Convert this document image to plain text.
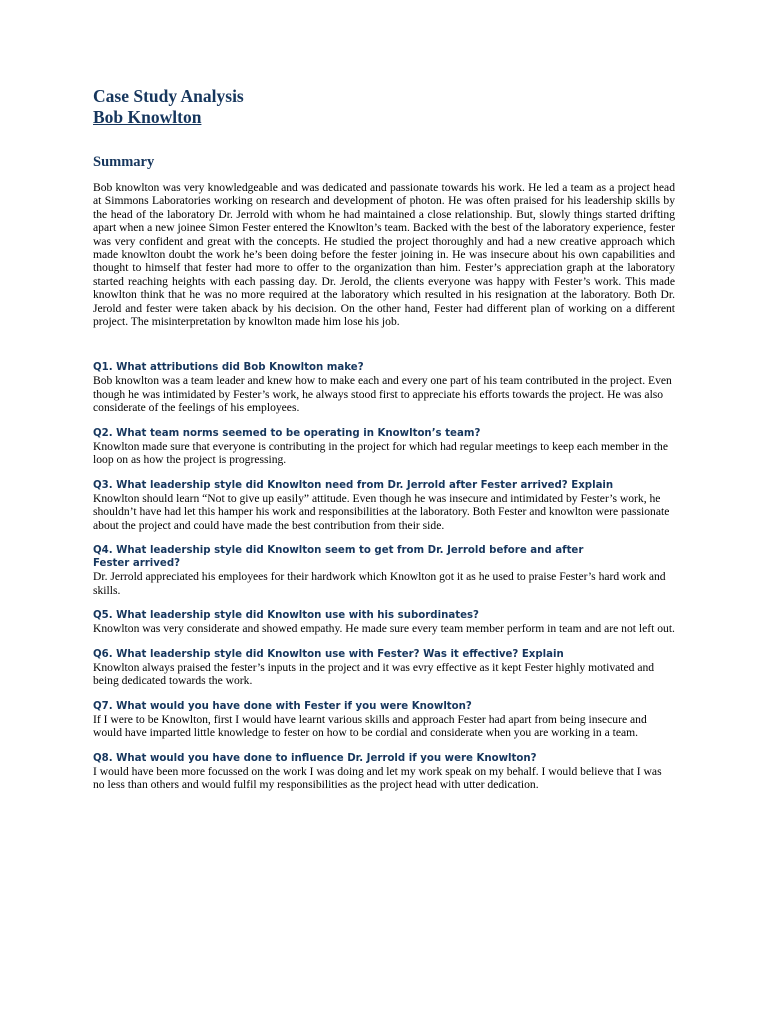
Case Study Analysis
Bob Knowlton
Summary

Bob knowlton was very knowledgeable and was dedicated and passionate towards his work. He led a team as a project head at Simmons Laboratories working on research and development of photon. He was often praised for his leadership skills by the head of the laboratory Dr. Jerrold with whom he had maintained a close relationship. But, slowly things started drifting apart when a new joinee Simon Fester entered the Knowlton’s team. Backed with the best of the laboratory experience, fester was very confident and great with the concepts. He studied the project thoroughly and had a new creative approach which made knowlton doubt the work he’s been doing before the fester joining in. He was insecure about his own capabilities and thought to himself that fester had more to offer to the organization than him. Fester’s appreciation graph at the laboratory started reaching heights with each passing day. Dr. Jerold, the clients everyone was happy with Fester’s work. This made knowlton think that he was no more required at the laboratory which resulted in his resignation at the laboratory. Both Dr. Jerold and fester were taken aback by his decision. On the other hand, Fester had different plan of working on a different project. The misinterpretation by knowlton made him lose his job.

Q1. What attributions did Bob Knowlton make?

Bob knowlton was a team leader and knew how to make each and every one part of his team contributed in the project. Even though he was intimidated by Fester’s work, he always stood first to appreciate his efforts towards the project. He was also considerate of the feelings of his employees.

Q2. What team norms seemed to be operating in Knowlton’s team?

Knowlton made sure that everyone is contributing in the project for which had regular meetings to keep each member in the loop on as how the project is progressing.

Q3. What leadership style did Knowlton need from Dr. Jerrold after Fester arrived? Explain

Knowlton should learn “Not to give up easily” attitude. Even though he was insecure and intimidated by Fester’s work, he shouldn’t have had let this hamper his work and responsibilities at the laboratory. Both Fester and knowlton were passionate about the project and could have made the best contribution from their side.

Q4. What leadership style did Knowlton seem to get from Dr. Jerrold before and after Fester arrived?

Dr. Jerrold appreciated his employees for their hardwork which Knowlton got it as he used to praise Fester’s hard work and skills.

Q5. What leadership style did Knowlton use with his subordinates?

Knowlton was very considerate and showed empathy. He made sure every team member perform in team and are not left out.

Q6. What leadership style did Knowlton use with Fester? Was it effective? Explain

Knowlton always praised the fester’s inputs in the project and it was evry effective as it kept Fester highly motivated and being dedicated towards the work.

Q7. What would you have done with Fester if you were Knowlton?

If I were to be Knowlton, first I would have learnt various skills and approach Fester had apart from being insecure and would have imparted little knowledge to fester on how to be cordial and considerate when you are working in a team.

Q8. What would you have done to influence Dr. Jerrold if you were Knowlton?

I would have been more focussed on the work I was doing and let my work speak on my behalf. I would believe that I was no less than others and would fulfil my responsibilities as the project head with utter dedication.
